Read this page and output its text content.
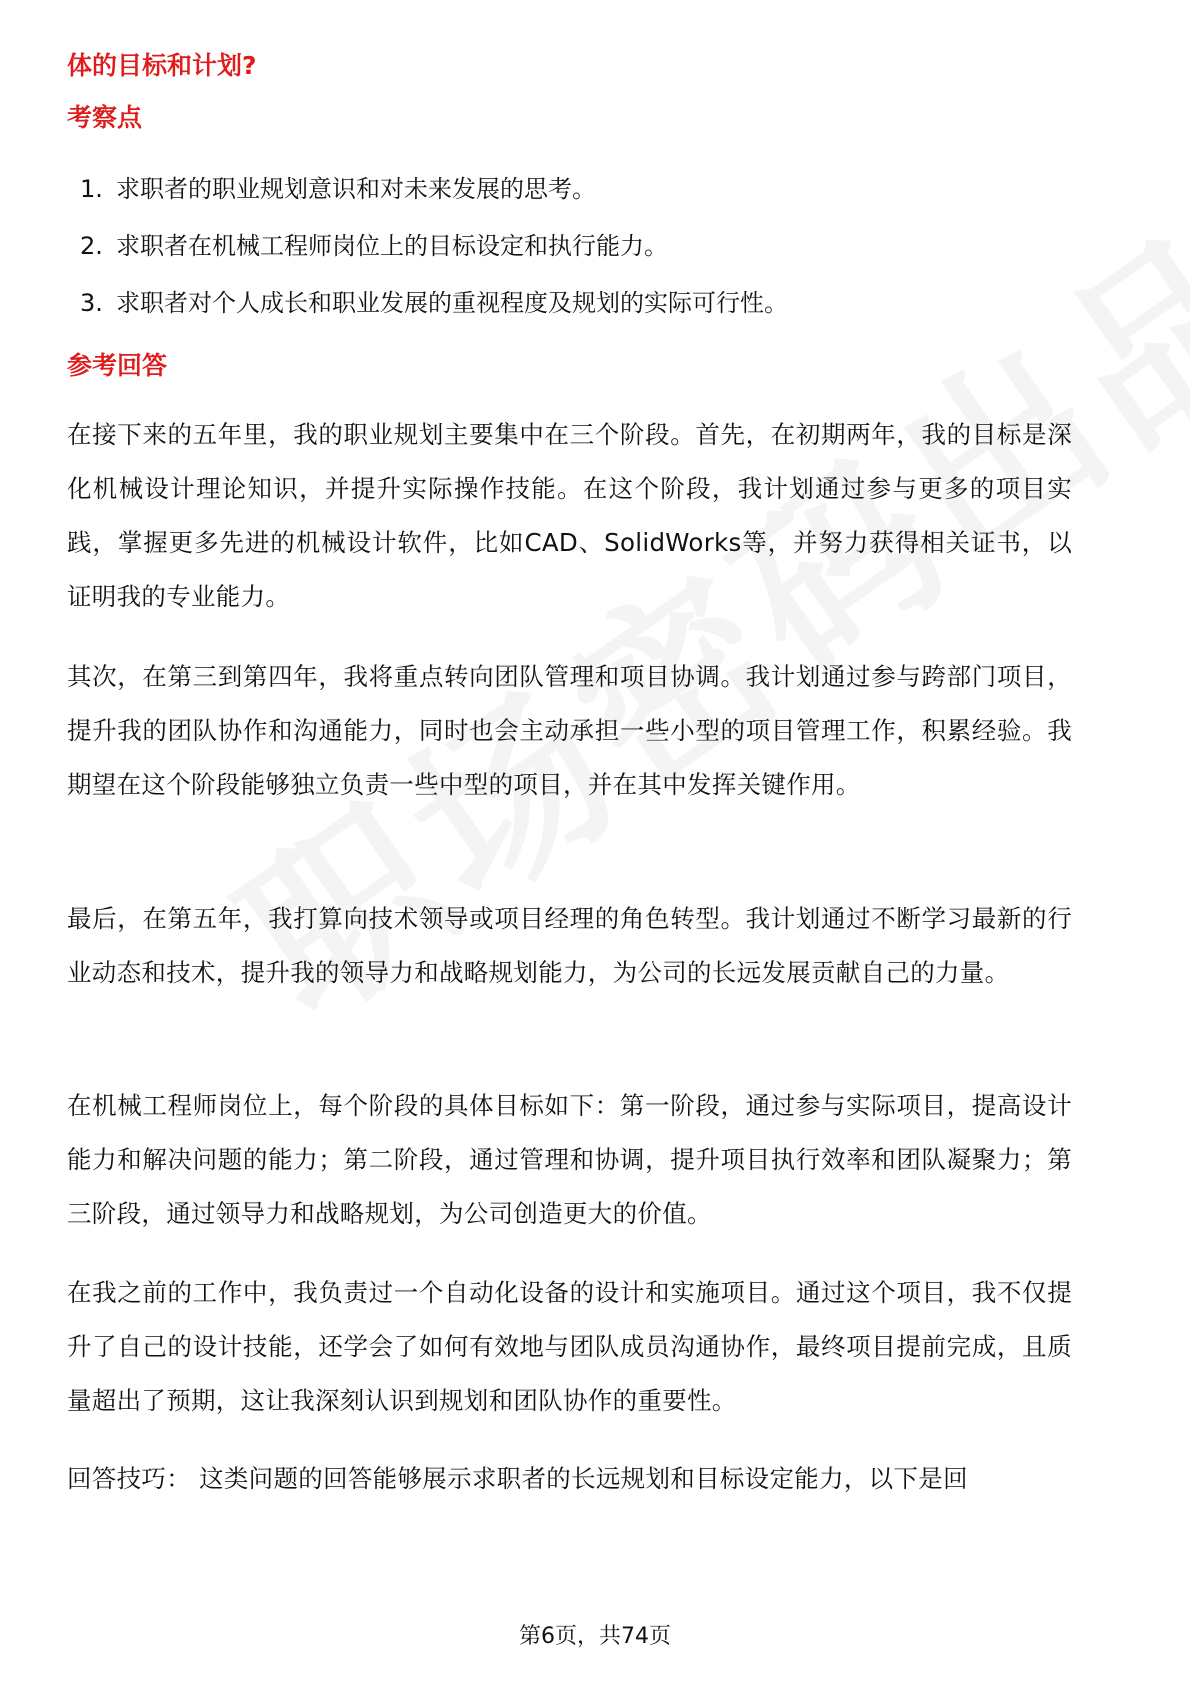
体的目标和计划?
考察点
1. 求职者的职业规划意识和对未来发展的思考。
2. 求职者在机械工程师岗位上的目标设定和执行能力。
3. 求职者对个人成长和职业发展的重视程度及规划的实际可行性。
参考回答

在接下来的五年里，我的职业规划主要集中在三个阶段。首先，在初期两年，我的目标是深化机械设计理论知识，并提升实际操作技能。在这个阶段，我计划通过参与更多的项目实践，掌握更多先进的机械设计软件，比如CAD、SolidWorks等，并努力获得相关证书，以证明我的专业能力。

其次，在第三到第四年，我将重点转向团队管理和项目协调。我计划通过参与跨部门项目，提升我的团队协作和沟通能力，同时也会主动承担一些小型的项目管理工作，积累经验。我期望在这个阶段能够独立负责一些中型的项目，并在其中发挥关键作用。

最后，在第五年，我打算向技术领导或项目经理的角色转型。我计划通过不断学习最新的行业动态和技术，提升我的领导力和战略规划能力，为公司的长远发展贡献自己的力量。

在机械工程师岗位上，每个阶段的具体目标如下：第一阶段，通过参与实际项目，提高设计能力和解决问题的能力；第二阶段，通过管理和协调，提升项目执行效率和团队凝聚力；第三阶段，通过领导力和战略规划，为公司创造更大的价值。

在我之前的工作中，我负责过一个自动化设备的设计和实施项目。通过这个项目，我不仅提升了自己的设计技能，还学会了如何有效地与团队成员沟通协作，最终项目提前完成，且质量超出了预期，这让我深刻认识到规划和团队协作的重要性。

回答技巧： 这类问题的回答能够展示求职者的长远规划和目标设定能力，以下是回

第6页，共74页
